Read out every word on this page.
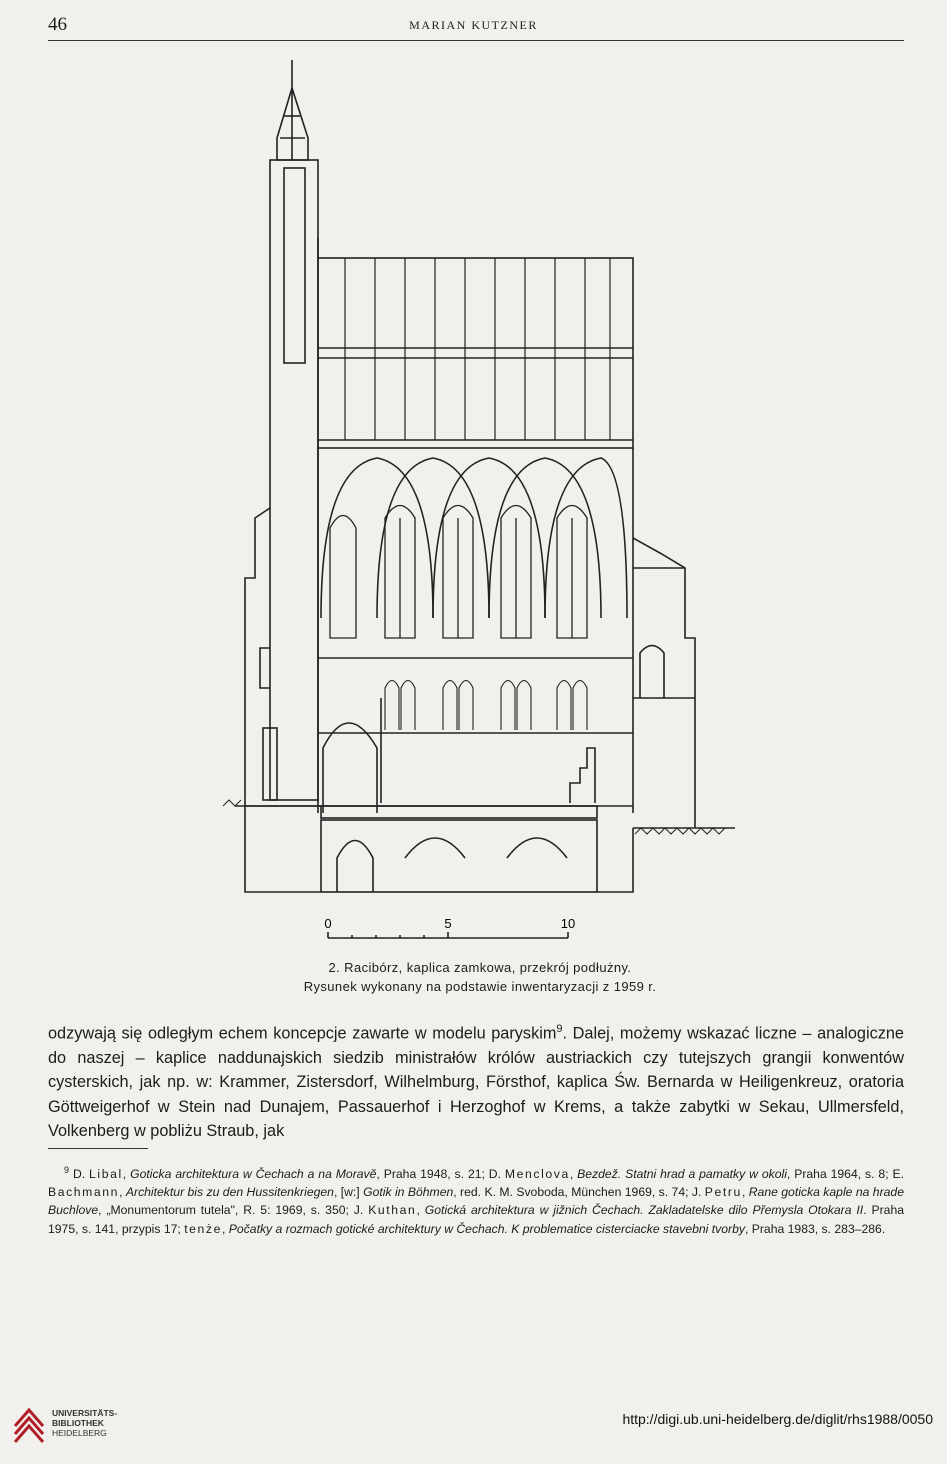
46	MARIAN KUTZNER
0	5	10
2. Racibórz, kaplica zamkowa, przekrój podłużny.
Rysunek wykonany na podstawie inwentaryzacji z 1959 r.

odzywają się odległym echem koncepcje zawarte w modelu paryskim$^9$. Dalej, możemy wskazać liczne – analogiczne do naszej – kaplice naddunajskich siedzib ministrałów królów austriackich czy tutejszych grangii konwentów cysterskich, jak np. w: Krammer, Zistersdorf, Wilhelmburg, Försthof, kaplica Św. Bernarda w Heiligenkreuz, oratoria Göttweigerhof w Stein nad Dunajem, Passauerhof i Herzoghof w Krems, a także zabytki w Sekau, Ullmersfeld, Volkenberg w pobliżu Straub, jak

$^9$ D. Libal, Goticka architektura w Čechach a na Moravě, Praha 1948, s. 21; D. Menclova, Bezdež. Statni hrad a pamatky w okoli, Praha 1964, s. 8; E. Bachmann, Architektur bis zu den Hussitenkriegen, [w:] Gotik in Böhmen, red. K. M. Svoboda, München 1969, s. 74; J. Petru, Rane goticka kaple na hrade Buchlove, „Monumentorum tutela", R. 5: 1969, s. 350; J. Kuthan, Gotická architektura w jižnich Čechach. Zakladatelske dilo Přemysla Otokara II. Praha 1975, s. 141, przypis 17; tenże, Počatky a rozmach gotické architektury w Čechach. K problematice cisterciacke stavebni tvorby, Praha 1983, s. 283–286.

UNIVERSITÄTS-
BIBLIOTHEK
HEIDELBERG
http://digi.ub.uni-heidelberg.de/diglit/rhs1988/0050
